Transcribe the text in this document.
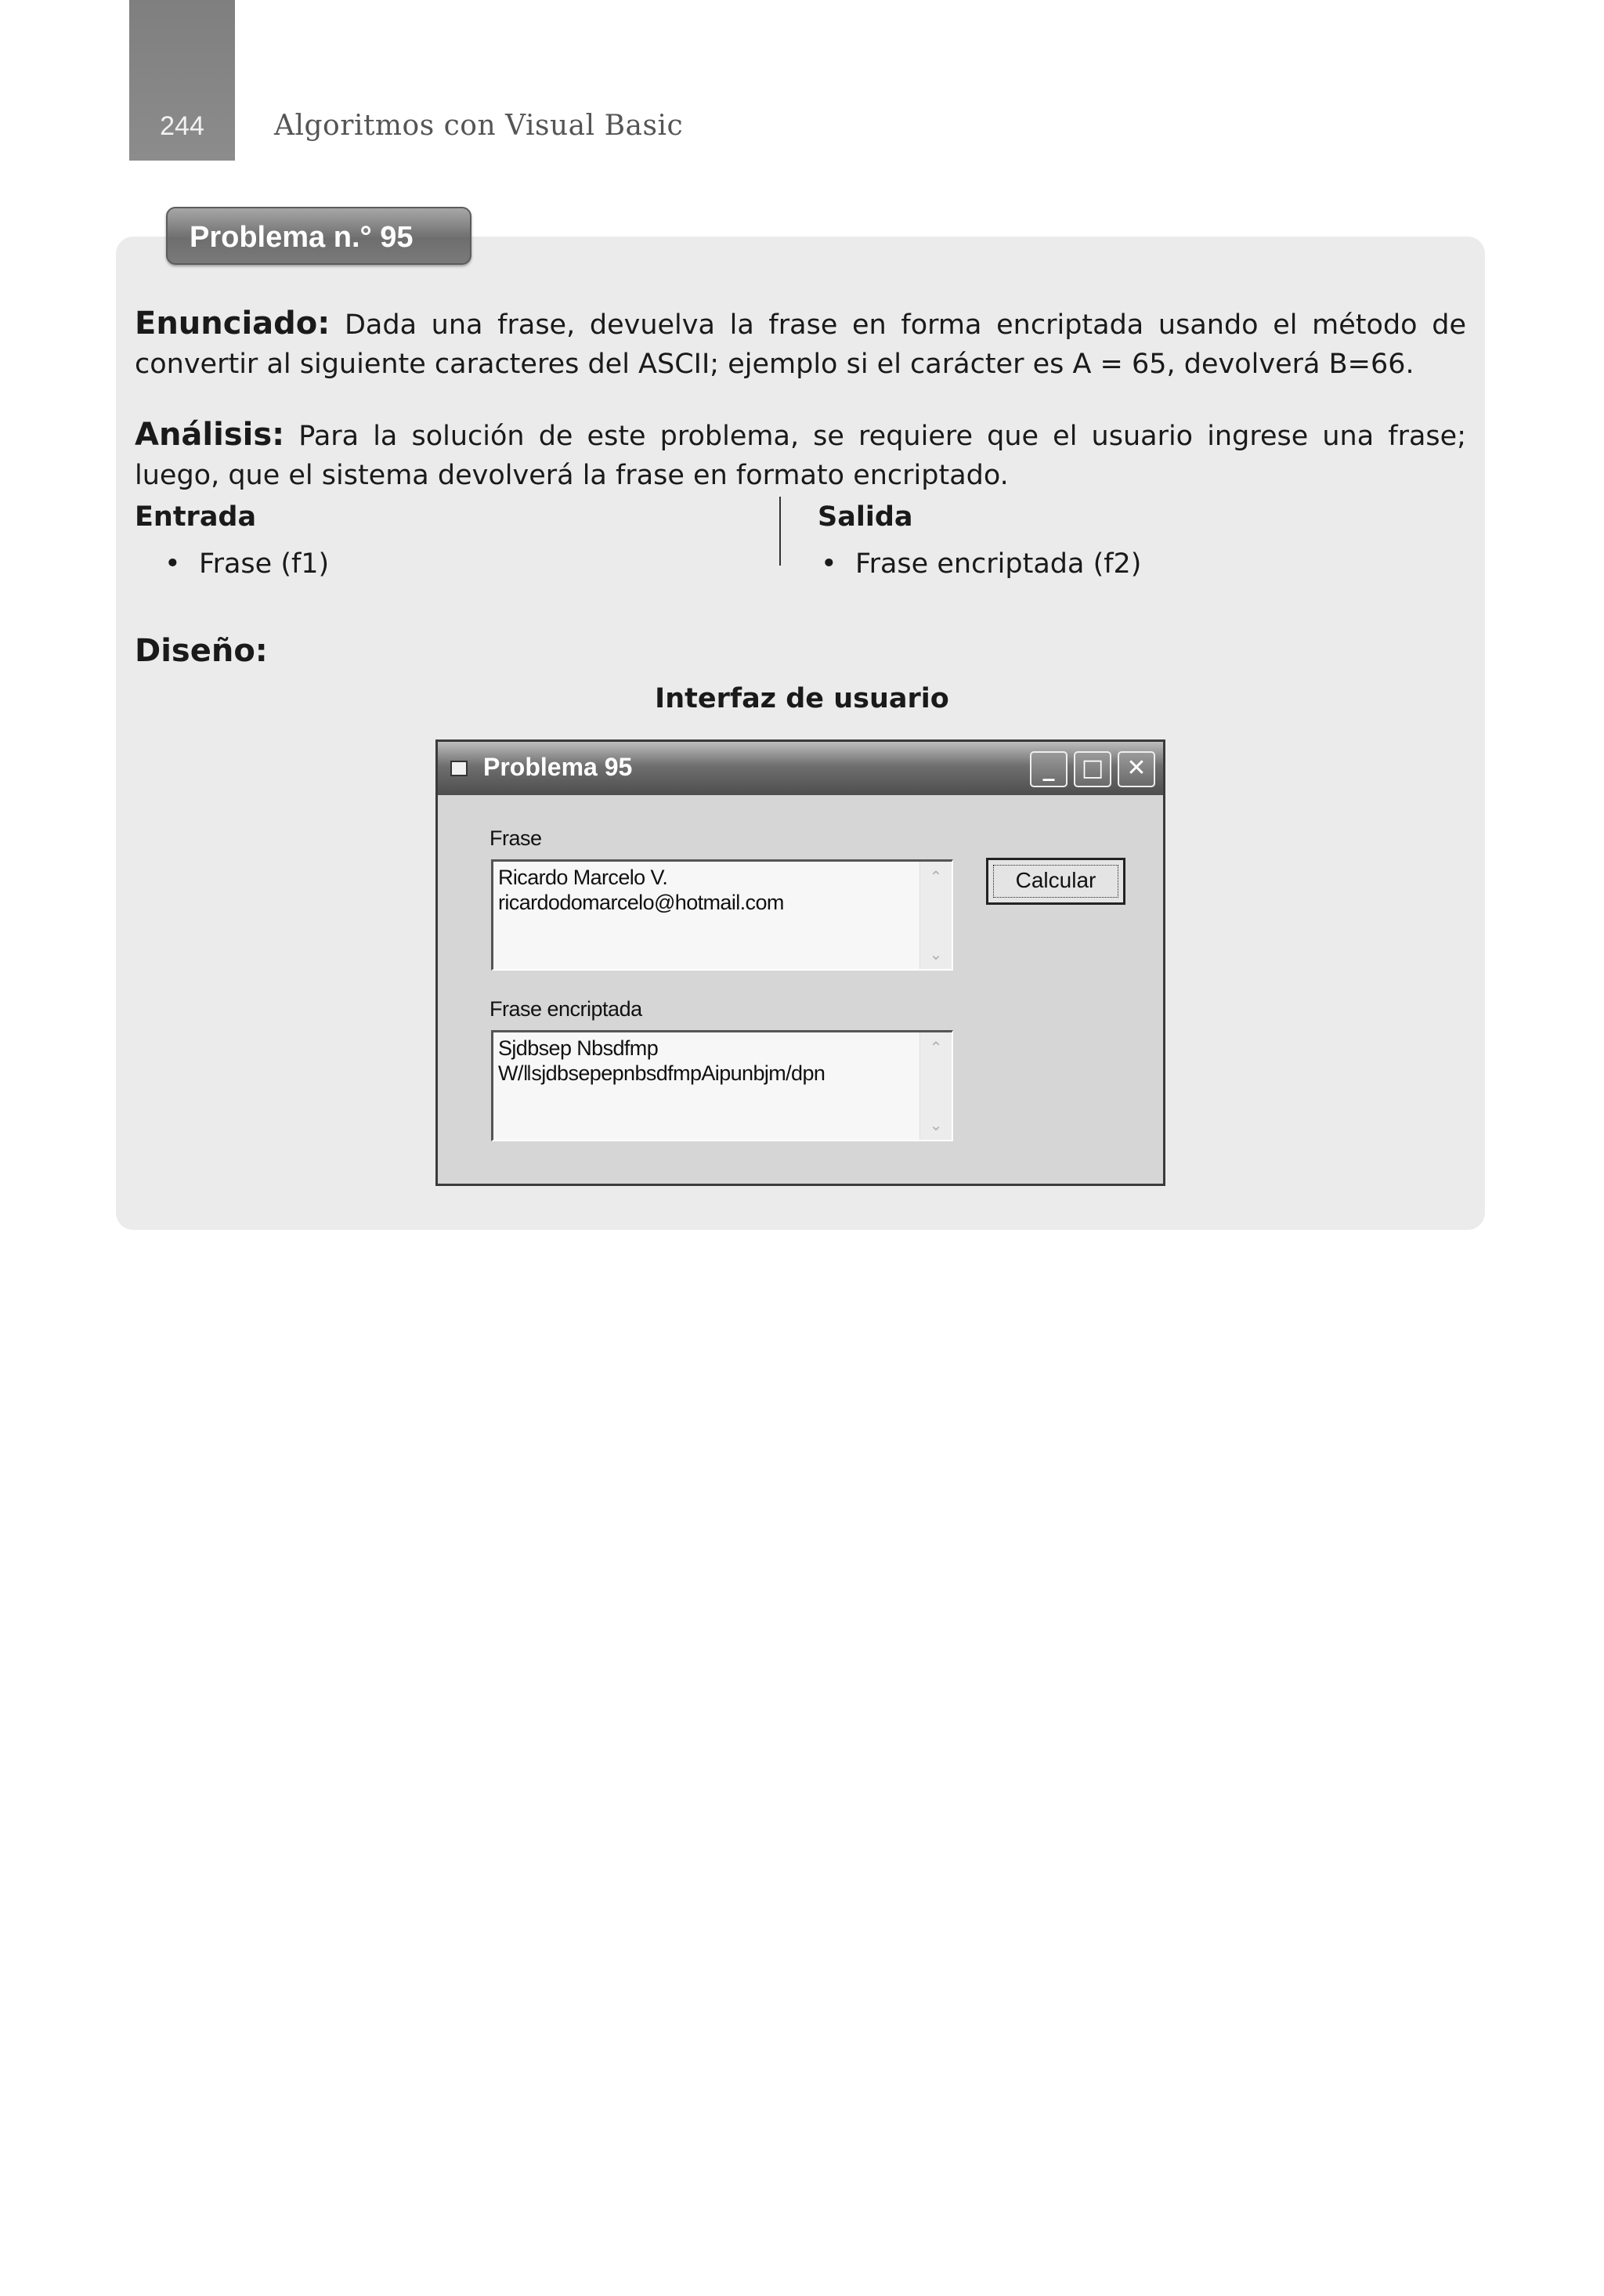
244	Algoritmos con Visual Basic
Problema n.° 95
Enunciado: Dada una frase, devuelva la frase en forma encriptada usando el método de convertir al siguiente caracteres del ASCII; ejemplo si el carácter es A = 65, devolverá B=66.
Análisis: Para la solución de este problema, se requiere que el usuario ingrese una frase; luego, que el sistema devolverá la frase en formato encriptado.
Entrada	Salida
• Frase (f1)	• Frase encriptada (f2)
Diseño:
Interfaz de usuario
Problema 95	_	□ ✕
Frase
Ricardo Marcelo V.
ricardodomarcelo@hotmail.com
⌃
⌄
Calcular
Frase encriptada
Sjdbsep Nbsdfmp
W/‖sjdbsepepnbsdfmpAipunbjm/dpn
⌃
⌄
